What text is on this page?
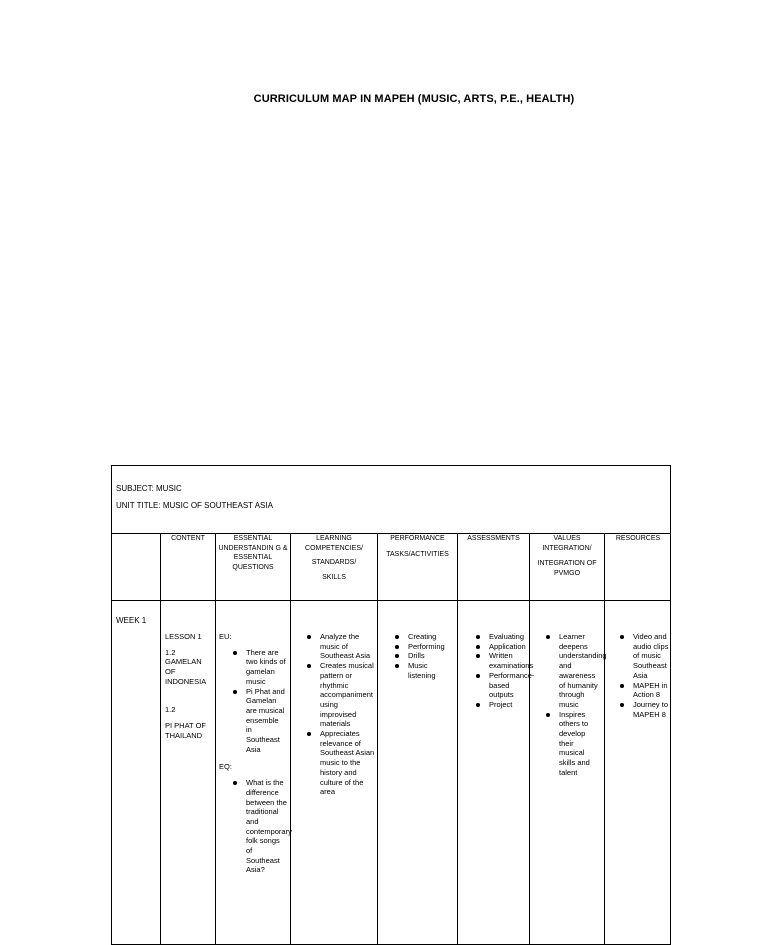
CURRICULUM MAP IN MAPEH (MUSIC, ARTS, P.E., HEALTH)
SUBJECT: MUSIC
UNIT TITLE: MUSIC OF SOUTHEAST ASIA
CONTENT	ESSENTIAL UNDERSTANDIN G & ESSENTIAL QUESTIONS
LEARNING COMPETENCIES/
STANDARDS/
SKILLS
PERFORMANCE
TASKS/ACTIVITIES
ASSESSMENTS	VALUES INTEGRATION/
INTEGRATION OF PVMGO
RESOURCES
WEEK 1
LESSON 1
1.2 GAMELAN OF INDONESIA
1.2
PI PHAT OF THAILAND
EU:
There are two kinds of gamelan music
Pi Phat and Gamelan are musical ensemble in Southeast Asia
EQ:
What is the difference between the traditional and contemporary folk songs of Southeast Asia?
Analyze the music of Southeast Asia
Creates musical pattern or rhythmic accompaniment using improvised materials
Appreciates relevance of Southeast Asian music to the history and culture of the area
Creating
Performing
Drills
Music listening
Evaluating
Application
Written examinations
Performance-based outputs
Project
Learner deepens understanding and awareness of humanity through music
Inspires others to develop their musical skills and talent
Video and audio clips of music Southeast Asia
MAPEH in Action 8
Journey to MAPEH 8
